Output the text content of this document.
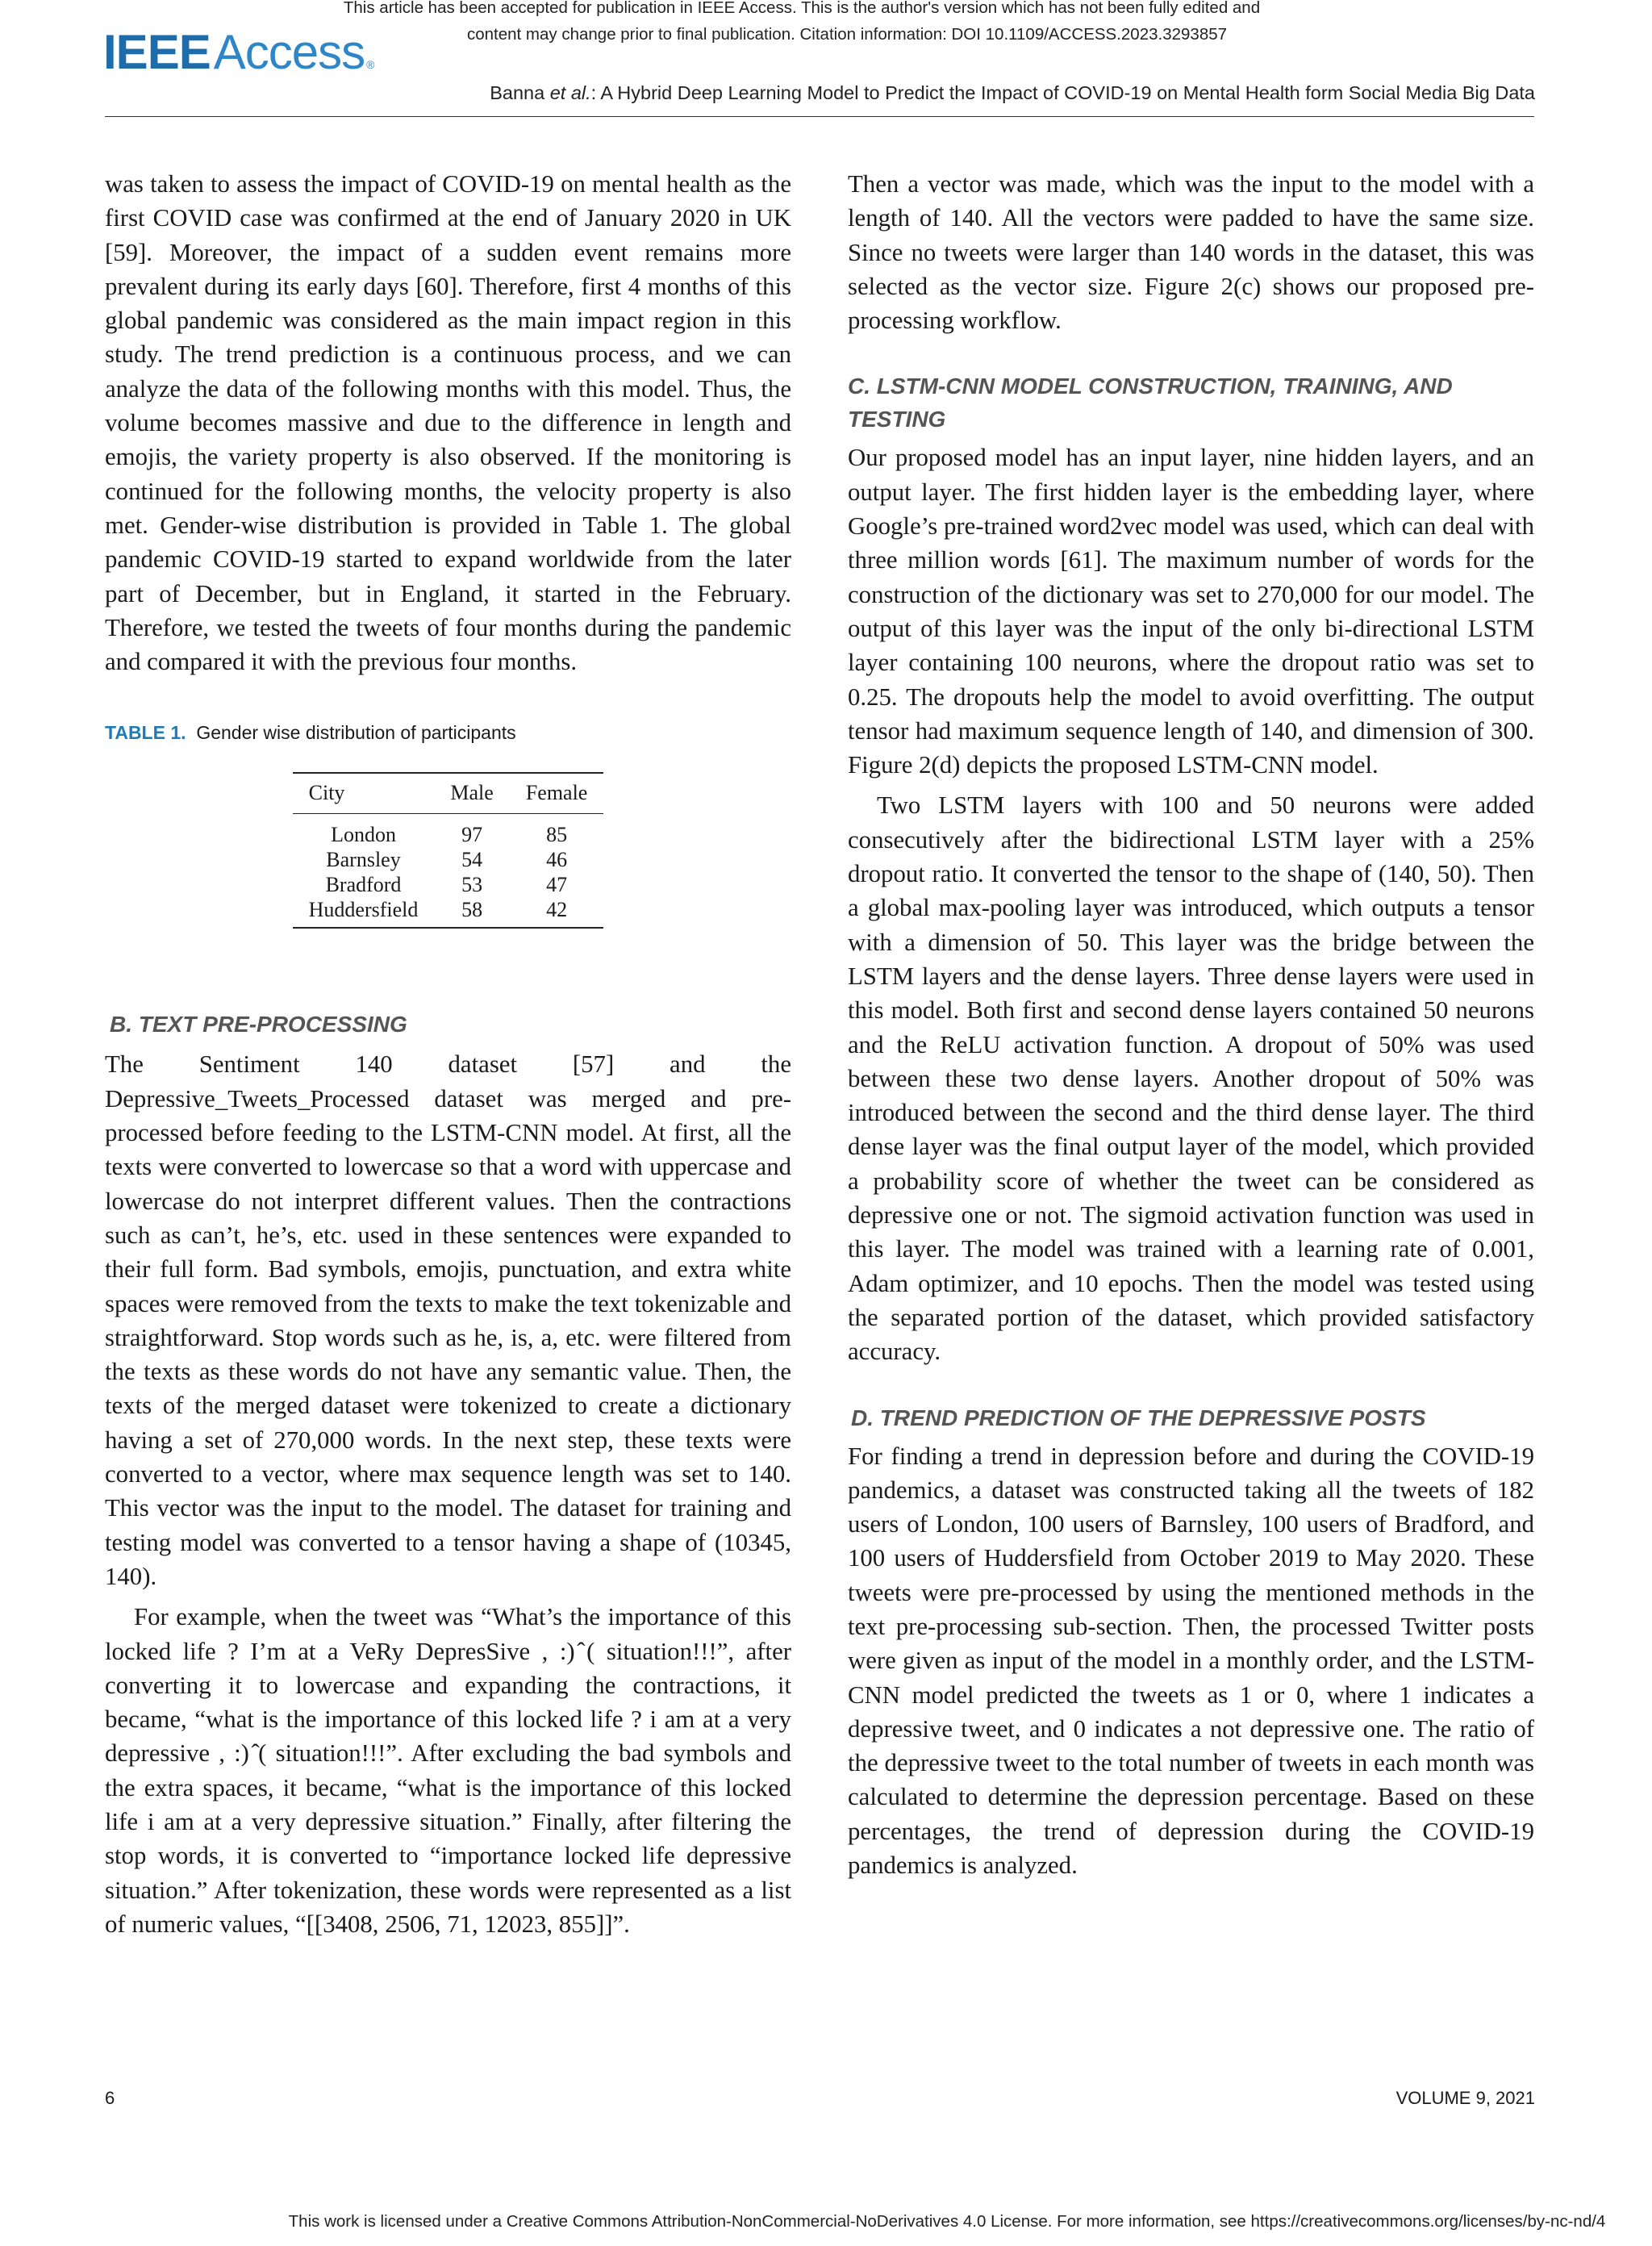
This article has been accepted for publication in IEEE Access. This is the author's version which has not been fully edited and
content may change prior to final publication. Citation information: DOI 10.1109/ACCESS.2023.3293857
IEEE Access ®
Banna et al.: A Hybrid Deep Learning Model to Predict the Impact of COVID-19 on Mental Health form Social Media Big Data

was taken to assess the impact of COVID-19 on mental health as the first COVID case was confirmed at the end of January 2020 in UK [59]. Moreover, the impact of a sudden event remains more prevalent during its early days [60]. Therefore, first 4 months of this global pandemic was considered as the main impact region in this study. The trend prediction is a continuous process, and we can analyze the data of the following months with this model. Thus, the volume becomes massive and due to the difference in length and emojis, the variety property is also observed. If the monitoring is continued for the following months, the velocity property is also met. Gender-wise distribution is provided in Table 1. The global pandemic COVID-19 started to expand worldwide from the later part of December, but in England, it started in the February. Therefore, we tested the tweets of four months during the pandemic and compared it with the previous four months.

TABLE 1. Gender wise distribution of participants
City	Male	Female
London	97	85
Barnsley	54	46
Bradford	53	47
Huddersfield	58	42
B. TEXT PRE-PROCESSING

The Sentiment 140 dataset [57] and the Depressive_Tweets_Processed dataset was merged and pre-processed before feeding to the LSTM-CNN model. At first, all the texts were converted to lowercase so that a word with uppercase and lowercase do not interpret different values. Then the contractions such as can’t, he’s, etc. used in these sentences were expanded to their full form. Bad symbols, emojis, punctuation, and extra white spaces were removed from the texts to make the text tokenizable and straightforward. Stop words such as he, is, a, etc. were filtered from the texts as these words do not have any semantic value. Then, the texts of the merged dataset were tokenized to create a dictionary having a set of 270,000 words. In the next step, these texts were converted to a vector, where max sequence length was set to 140. This vector was the input to the model. The dataset for training and testing model was converted to a tensor having a shape of (10345, 140).

For example, when the tweet was “What’s the importance of this locked life ? I’m at a VeRy DepresSive , :) ̂( situation!!!”, after converting it to lowercase and expanding the contractions, it became, “what is the importance of this locked life ? i am at a very depressive , :) ̂( situation!!!”. After excluding the bad symbols and the extra spaces, it became, “what is the importance of this locked life i am at a very depressive situation.” Finally, after filtering the stop words, it is converted to “importance locked life depressive situation.” After tokenization, these words were represented as a list of numeric values, “[[3408, 2506, 71, 12023, 855]]”.

Then a vector was made, which was the input to the model with a length of 140. All the vectors were padded to have the same size. Since no tweets were larger than 140 words in the dataset, this was selected as the vector size. Figure 2(c) shows our proposed pre-processing workflow.

C. LSTM-CNN MODEL CONSTRUCTION, TRAINING, AND TESTING

Our proposed model has an input layer, nine hidden layers, and an output layer. The first hidden layer is the embedding layer, where Google’s pre-trained word2vec model was used, which can deal with three million words [61]. The maximum number of words for the construction of the dictionary was set to 270,000 for our model. The output of this layer was the input of the only bi-directional LSTM layer containing 100 neurons, where the dropout ratio was set to 0.25. The dropouts help the model to avoid overfitting. The output tensor had maximum sequence length of 140, and dimension of 300. Figure 2(d) depicts the proposed LSTM-CNN model.

Two LSTM layers with 100 and 50 neurons were added consecutively after the bidirectional LSTM layer with a 25% dropout ratio. It converted the tensor to the shape of (140, 50). Then a global max-pooling layer was introduced, which outputs a tensor with a dimension of 50. This layer was the bridge between the LSTM layers and the dense layers. Three dense layers were used in this model. Both first and second dense layers contained 50 neurons and the ReLU activation function. A dropout of 50% was used between these two dense layers. Another dropout of 50% was introduced between the second and the third dense layer. The third dense layer was the final output layer of the model, which provided a probability score of whether the tweet can be considered as depressive one or not. The sigmoid activation function was used in this layer. The model was trained with a learning rate of 0.001, Adam optimizer, and 10 epochs. Then the model was tested using the separated portion of the dataset, which provided satisfactory accuracy.

D. TREND PREDICTION OF THE DEPRESSIVE POSTS

For finding a trend in depression before and during the COVID-19 pandemics, a dataset was constructed taking all the tweets of 182 users of London, 100 users of Barnsley, 100 users of Bradford, and 100 users of Huddersfield from October 2019 to May 2020. These tweets were pre-processed by using the mentioned methods in the text pre-processing sub-section. Then, the processed Twitter posts were given as input of the model in a monthly order, and the LSTM-CNN model predicted the tweets as 1 or 0, where 1 indicates a depressive tweet, and 0 indicates a not depressive one. The ratio of the depressive tweet to the total number of tweets in each month was calculated to determine the depression percentage. Based on these percentages, the trend of depression during the COVID-19 pandemics is analyzed.

6	VOLUME 9, 2021
This work is licensed under a Creative Commons Attribution-NonCommercial-NoDerivatives 4.0 License. For more information, see https://creativecommons.org/licenses/by-nc-nd/4
